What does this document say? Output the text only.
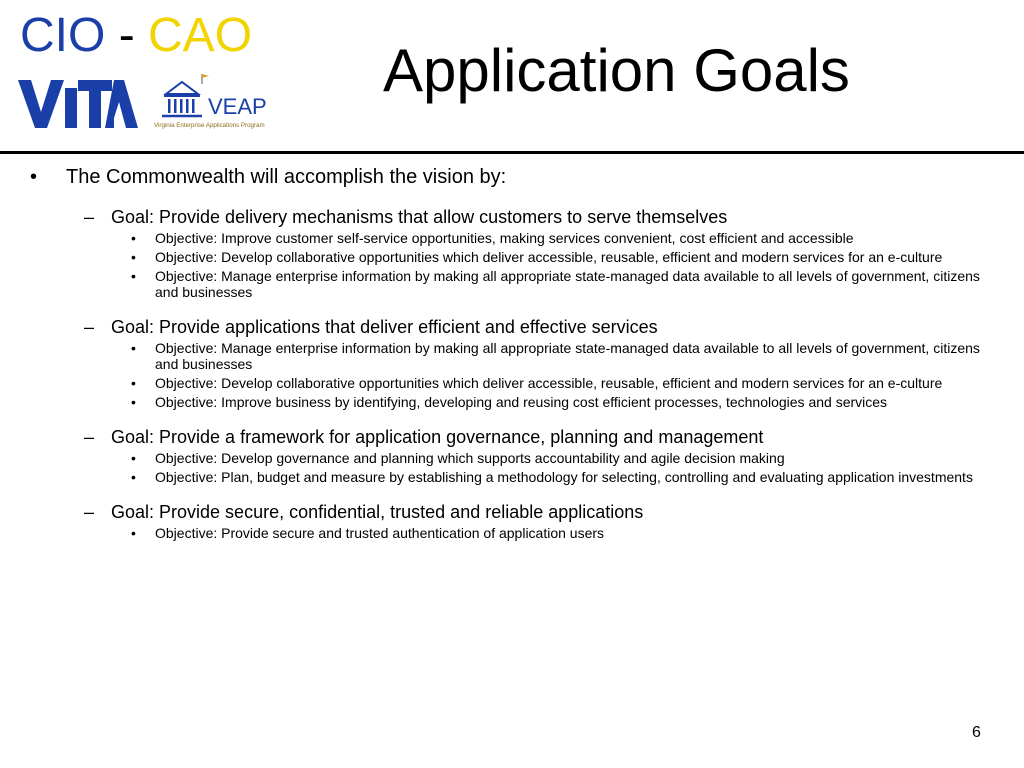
CIO - CAO
VEAP
Virginia Enterprise Applications Program
Application Goals
• The Commonwealth will accomplish the vision by:
– Goal: Provide delivery mechanisms that allow customers to serve themselves
• Objective: Improve customer self-service opportunities, making services convenient, cost efficient and accessible
• Objective: Develop collaborative opportunities which deliver accessible, reusable, efficient and modern services for an e-culture
• Objective: Manage enterprise information by making all appropriate state-managed data available to all levels of government, citizens and businesses
– Goal: Provide applications that deliver efficient and effective services
• Objective: Manage enterprise information by making all appropriate state-managed data available to all levels of government, citizens and businesses
• Objective: Develop collaborative opportunities which deliver accessible, reusable, efficient and modern services for an e-culture
• Objective: Improve business by identifying, developing and reusing cost efficient processes, technologies and services
– Goal: Provide a framework for application governance, planning and management
• Objective: Develop governance and planning which supports accountability and agile decision making
• Objective: Plan, budget and measure by establishing a methodology for selecting, controlling and evaluating application investments
– Goal: Provide secure, confidential, trusted and reliable applications
• Objective: Provide secure and trusted authentication of application users
6
